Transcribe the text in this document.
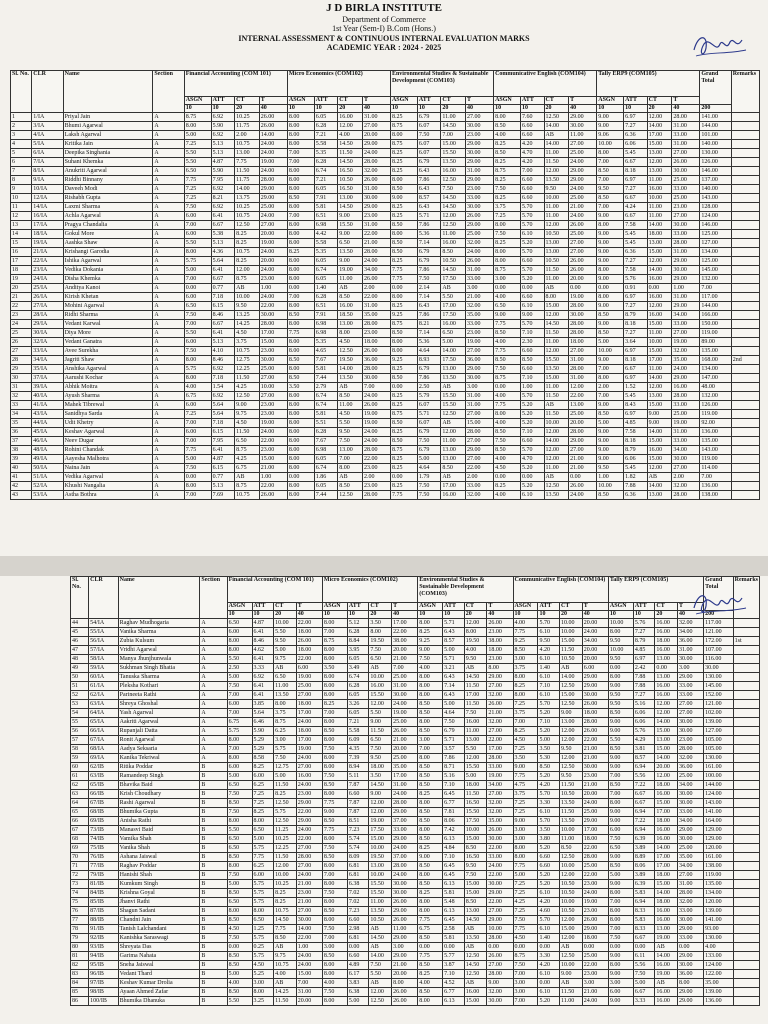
J D BIRLA INSTITUTE
Department of Commerce
1st Year (Sem-I) B.Com (Hons.)
INTERNAL ASSESSMENT & CONTINUOUS INTERNAL EVALUATION MARKS
ACADEMIC YEAR : 2024 - 2025
Sl. No.	CLR	Name	Section	Financial Accounting (COM 101)				Micro Economics (COM102)				Environmental Studies & Sustainable Development (COM103)				Communicative English (COM104)				Tally ERP9 (COM105)				Grand Total	Remarks
				ASGN	ATT	CT	T	ASGN	ATT	CT	T	ASGN	ATT	CT	T	ASGN	ATT	CT	T	ASGN	ATT	CT	T		
				10	10	20	40	10	10	20	40	10	10	20	40	10	10	20	40	10	10	20	40	200	
1	1/IA	Priyal Jain	A	8.75	6.92	10.25	26.00	8.00	6.05	16.00	31.00	8.25	6.79	11.00	27.00	8.00	7.60	12.50	29.00	9.00	6.97	12.00	28.00	141.00	
2	3/IA	Bhumi Agarwal	A	8.00	5.90	11.75	26.00	8.00	6.28	12.00	27.00	8.75	6.07	14.50	30.00	8.50	6.60	14.00	30.00	9.00	7.27	14.00	31.00	144.00	
3	4/IA	Laksh Agarwal	A	5.00	6.92	2.00	14.00	8.00	7.21	4.00	20.00	8.00	7.50	7.00	23.00	4.00	6.60	AB	11.00	9.06	6.36	17.00	33.00	101.00	
4	5/IA	Kritika Jain	A	7.25	5.13	10.75	24.00	8.00	5.58	14.50	29.00	8.75	6.07	15.00	29.00	8.25	4.20	14.00	27.00	10.00	6.06	15.00	31.00	140.00	
5	6/IA	Deepika Singhania	A	5.50	5.13	13.00	24.00	7.00	5.35	11.50	24.00	8.25	6.07	15.50	30.00	8.50	4.70	11.00	25.00	8.00	5.45	13.00	27.00	130.00	
6	7/IA	Suhani Khemka	A	5.50	4.87	7.75	19.00	7.00	6.28	14.50	28.00	8.25	6.79	13.50	29.00	8.25	4.20	11.50	24.00	7.00	6.67	12.00	26.00	126.00	
7	8/IA	Anukriti Agarwal	A	6.50	5.90	11.50	24.00	8.00	6.74	16.50	32.00	8.25	6.43	16.00	31.00	8.75	7.00	12.00	29.00	8.50	8.18	13.00	30.00	146.00	
8	9/IA	Riddhi Binnany	A	7.75	7.95	11.75	28.00	8.00	7.21	10.50	26.00	8.00	7.86	12.50	29.00	8.25	6.60	13.50	29.00	7.00	6.97	11.00	25.00	137.00	
9	10/IA	Daveeh Modi	A	7.25	6.92	14.00	29.00	8.00	6.05	16.50	31.00	8.50	6.43	7.50	23.00	7.50	6.60	9.50	24.00	9.50	7.27	16.00	33.00	140.00	
10	12/IA	Rishabh Gupta	A	7.25	8.21	13.75	29.00	8.50	7.91	13.00	30.00	9.00	8.57	14.50	33.00	8.25	6.60	10.00	25.00	8.50	6.67	10.00	25.00	143.00	
11	14/IA	Laxmi Sharma	A	7.50	6.92	10.25	25.00	8.00	5.81	14.50	29.00	8.25	6.43	14.50	30.00	3.75	5.70	11.00	21.00	7.00	4.24	11.00	23.00	128.00	
12	16/IA	Achla Agarwal	A	6.00	6.41	10.75	24.00	7.00	6.51	9.00	23.00	8.25	5.71	12.00	26.00	7.25	5.70	11.00	24.00	9.00	6.67	11.00	27.00	124.00	
13	17/IA	Pragya Chandalia	A	7.00	6.67	12.50	27.00	8.00	6.98	15.50	31.00	8.50	7.86	12.50	29.00	8.00	5.70	12.00	26.00	8.00	7.58	14.00	30.00	146.00	
14	18/IA	Gokul More	A	6.00	5.38	8.25	20.00	8.00	4.42	9.00	22.00	8.00	5.36	11.00	25.00	7.50	6.10	10.50	25.00	9.00	5.45	18.00	33.00	125.00	
15	19/IA	Aashka Shaw	A	5.50	5.13	8.25	19.00	8.00	5.58	6.50	21.00	8.50	7.14	16.00	32.00	8.25	5.20	13.00	27.00	9.00	5.45	13.00	28.00	127.00	
16	21/IA	Krishangi Garodia	A	8.00	4.36	10.75	24.00	8.25	5.35	13.50	28.00	8.50	6.79	8.50	24.00	8.00	5.70	13.00	27.00	9.00	6.36	15.00	31.00	134.00	
17	22/IA	Ishika Agarwal	A	5.75	5.64	8.25	20.00	8.00	6.05	9.00	24.00	8.25	6.79	10.50	26.00	8.00	6.60	10.50	26.00	9.00	7.27	12.00	29.00	125.00	
18	23/IA	Vedika Dokania	A	5.00	6.41	12.00	24.00	8.00	6.74	19.00	34.00	7.75	7.86	14.50	31.00	8.75	5.70	11.50	26.00	8.00	7.58	14.00	30.00	145.00	
19	24/IA	Disha Khemka	A	7.00	6.67	8.75	23.00	8.00	6.05	11.00	26.00	7.75	7.50	17.50	33.00	3.00	5.20	11.00	20.00	9.00	5.76	16.00	29.00	132.00	
20	25/IA	Anditya Kanoi	A	0.00	0.77	AB	1.00	0.00	1.40	AB	2.00	0.00	2.14	AB	3.00	0.00	0.00	AB	0.00	0.00	0.91	0.00	1.00	7.00	
21	26/IA	Kirish Khetan	A	6.00	7.18	10.00	24.00	7.00	6.28	8.50	22.00	8.00	7.14	5.50	21.00	4.00	6.60	8.00	19.00	8.00	6.97	16.00	31.00	117.00	
22	27/IA	Mohini Agarwal	A	6.50	6.15	9.50	22.00	8.00	6.51	16.00	31.00	8.25	6.43	17.00	32.00	6.50	6.10	15.00	28.00	9.00	7.27	12.00	29.00	144.00	
23	28/IA	Ridhi Sharma	A	7.50	8.46	13.25	30.00	8.50	7.91	18.50	35.00	9.25	7.86	17.50	35.00	9.00	9.00	12.00	30.00	8.50	8.79	16.00	34.00	166.00	
24	29/IA	Vedant Karwal	A	7.00	6.67	14.25	28.00	8.00	6.98	13.00	28.00	8.75	8.21	16.00	33.00	7.75	5.70	14.50	28.00	9.00	8.18	15.00	33.00	150.00	
25	30/IA	Diya More	A	5.50	6.41	4.50	17.00	7.75	6.98	8.00	23.00	8.50	7.14	6.50	23.00	8.50	7.10	11.50	28.00	8.50	7.27	11.00	27.00	119.00	
26	32/IA	Vedant Ganatra	A	6.00	5.13	3.75	15.00	8.00	5.35	4.50	18.00	8.00	5.36	5.00	19.00	4.00	2.30	11.00	18.00	5.00	3.64	10.00	19.00	89.00	
27	33/IA	Avee Surekha	A	7.50	4.10	10.75	23.00	8.00	4.65	12.50	26.00	8.00	4.64	14.00	27.00	7.75	6.60	12.00	27.00	10.00	6.97	15.00	32.00	135.00	
28	34/IA	Jagriti Shaw	A	8.00	8.46	12.75	30.00	8.50	7.67	19.50	36.00	9.25	8.93	17.50	36.00	8.50	8.50	15.50	31.00	9.00	8.18	17.00	35.00	168.00	2nd
29	35/IA	Anshika Agarwal	A	5.75	6.92	12.25	25.00	8.00	5.81	14.00	28.00	8.25	6.79	13.00	29.00	7.50	6.60	13.50	28.00	7.00	6.67	11.00	24.00	134.00	
30	37/IA	Aarushi Kochar	A	8.00	7.18	11.50	27.00	8.50	7.44	13.50	30.00	8.50	7.86	13.50	30.00	8.75	7.10	15.00	31.00	8.00	6.97	14.00	29.00	147.00	
31	39/IA	Abhik Moitra	A	4.00	1.54	4.25	10.00	3.50	2.79	AB	7.00	0.00	2.50	AB	3.00	0.00	1.00	11.00	12.00	2.00	1.52	12.00	16.00	48.00	
32	40/IA	Ayush Sharma	A	6.75	6.92	12.50	27.00	8.00	6.74	8.50	24.00	8.25	5.79	15.50	31.00	4.00	5.70	11.50	22.00	7.00	5.45	13.00	28.00	132.00	
33	41/IA	Mahek Tibrewal	A	6.00	5.64	9.00	23.00	8.00	6.74	11.00	26.00	8.25	6.07	15.50	31.00	7.75	5.20	AB	13.00	9.00	8.43	15.00	33.00	126.00	
34	43/IA	Sanidhya Sarda	A	7.25	5.64	9.75	23.00	8.00	5.81	4.50	19.00	8.75	5.71	12.50	27.00	8.00	5.20	11.50	25.00	8.50	6.97	9.00	25.00	119.00	
35	44/IA	Udit Khetry	A	7.00	7.18	4.50	19.00	8.00	5.51	5.50	19.00	8.50	6.07	AB	15.00	4.00	5.20	10.00	20.00	5.00	4.85	9.00	19.00	92.00	
36	45/IA	Keshav Agarwal	A	6.00	6.15	11.50	24.00	8.00	6.28	9.50	24.00	8.25	6.79	12.00	28.00	8.50	7.10	12.00	28.00	9.00	7.58	14.00	31.00	136.00	
37	46/IA	Neev Dugar	A	7.00	7.95	6.50	22.00	8.00	7.67	7.50	24.00	8.50	7.50	11.00	27.00	7.50	6.60	14.00	29.00	9.00	8.18	15.00	33.00	135.00	
38	48/IA	Rohini Chandak	A	7.75	6.41	8.75	23.00	8.00	6.98	13.00	28.00	8.75	6.79	13.00	29.00	8.50	5.70	12.00	27.00	9.00	8.79	16.00	34.00	143.00	
39	49/IA	Aayesha Malhotra	A	5.00	4.87	4.25	15.00	8.00	6.05	7.00	22.00	8.25	5.00	13.00	27.00	4.00	4.70	12.00	21.00	9.00	6.06	15.00	30.00	119.00	
40	50/IA	Naina Jain	A	7.50	6.15	6.75	21.00	8.00	6.74	8.00	23.00	8.25	4.64	8.50	22.00	4.50	5.20	11.00	21.00	9.50	5.45	12.00	27.00	114.00	
41	51/IA	Vedika Agarwal	A	0.00	0.77	AB	1.00	0.00	1.86	AB	2.00	0.00	1.79	AB	2.00	0.00	0.00	AB	0.00	1.00	1.82	AB	2.00	7.00	
42	52/IA	Khushi Nangalia	A	8.00	5.13	8.75	22.00	8.00	6.05	8.50	23.00	8.25	7.50	17.00	33.00	8.25	5.20	12.50	26.00	10.00	7.88	14.00	32.00	136.00	
43	53/IA	Astha Bothra	A	7.00	7.69	10.75	26.00	8.00	7.44	12.50	28.00	7.75	7.50	16.00	32.00	4.00	6.10	13.50	24.00	8.50	6.36	13.00	28.00	138.00	
Sl. No.	CLR	Name	Section	Financial Accounting (COM 101)				Micro Economics (COM102)				Environmental Studies & Sustainable Development (COM103)				Communicative English (COM104)				Tally ERP9 (COM105)				Grand Total	Remarks
				ASGN	ATT	CT	T	ASGN	ATT	CT	T	ASGN	ATT	CT	T	ASGN	ATT	CT	T	ASGN	ATT	CT	T		
				10	10	20	40	10	10	20	40	10	10	20	40	10	10	20	40	10	10	20	40	200	
44	54/IA	Raghav Mudhogaria	A	6.50	4.87	10.00	22.00	8.00	5.12	3.50	17.00	8.00	5.71	12.00	26.00	4.00	5.70	10.00	20.00	10.00	5.76	16.00	32.00	117.00	
45	55/IA	Vanika Sharma	A	6.00	6.41	5.50	18.00	7.00	6.28	8.00	22.00	8.25	6.43	8.00	23.00	7.75	6.10	10.00	24.00	8.00	7.27	16.00	34.00	121.00	
46	56/IA	Zubia Kulsum	A	8.00	8.46	9.50	26.00	8.75	8.84	19.50	38.00	9.25	8.57	19.50	38.00	9.25	9.50	15.00	34.00	9.50	8.79	18.00	36.00	172.00	1st
47	57/IA	Vridhi Agarwal	A	8.00	4.62	5.00	18.00	8.00	3.95	7.50	20.00	9.00	5.00	4.00	18.00	8.50	4.20	11.50	20.00	10.00	4.85	16.00	31.00	107.00	
48	58/IA	Manya Jhunjhunwala	A	5.50	6.41	9.75	22.00	8.00	6.05	6.50	21.00	7.50	5.71	9.50	23.00	3.00	6.10	10.50	20.00	9.50	6.97	13.00	30.00	116.00	
49	59/IA	Sukhman Singh Bhatia	A	2.50	3.33	AB	6.00	3.50	3.49	AB	7.00	4.00	3.21	AB	8.00	3.75	1.40	AB	6.00	0.00	2.42	0.00	3.00	30.00	
50	60/IA	Tanuska Sharma	A	5.00	6.92	6.50	19.00	8.00	6.74	10.00	25.00	8.00	6.43	14.50	29.00	8.00	6.10	14.00	29.00	8.00	7.88	13.00	29.00	130.00	
51	61/IA	Pleksha Kothari	A	7.50	6.41	11.00	25.00	8.00	6.28	16.00	31.00	8.00	7.14	11.50	27.00	8.25	7.10	12.50	29.00	9.00	7.88	16.00	33.00	145.00	
52	62/IA	Parineeta Rathi	A	7.00	6.41	13.50	27.00	8.00	6.05	15.50	30.00	8.00	6.43	17.00	32.00	8.00	6.10	15.00	30.00	9.50	7.27	16.00	33.00	152.00	
53	63/IA	Shreya Ghoshal	A	6.00	3.85	8.00	18.00	8.25	3.26	12.00	24.00	8.50	5.00	11.50	26.00	7.25	5.70	12.50	26.00	9.50	5.16	12.00	27.00	121.00	
54	64/IA	Yash Agarwal	A	7.00	5.64	3.75	17.00	7.00	6.05	5.50	19.00	8.50	4.64	7.50	21.00	3.75	5.20	9.00	18.00	8.50	6.06	12.00	27.00	102.00	
55	65/IA	Aakriti Agarwal	A	6.75	6.46	8.75	24.00	8.00	7.21	9.00	25.00	8.00	7.50	16.00	32.00	7.00	7.10	13.00	28.00	9.00	6.06	14.00	30.00	139.00	
56	66/IA	Rupanjali Datta	A	5.75	5.90	6.25	18.00	8.50	5.58	11.50	26.00	8.50	6.79	11.00	27.00	8.25	5.20	12.00	26.00	9.00	5.76	15.00	30.00	127.00	
57	67/IA	Ronit Agarwal	A	8.00	5.29	3.00	17.00	8.00	6.09	6.50	21.00	3.00	5.71	13.00	22.00	4.50	5.00	12.00	22.00	5.50	4.29	13.00	23.00	105.00	
58	68/IA	Aadya Seksaria	A	7.00	5.29	5.75	19.00	7.50	4.35	7.50	20.00	7.00	3.57	5.50	17.00	7.25	3.50	9.50	21.00	8.50	3.81	15.00	28.00	105.00	
59	69/IA	Kanika Tekriwal	A	8.00	8.58	7.50	24.00	8.00	7.39	9.50	25.00	8.00	7.86	12.00	28.00	3.50	5.30	12.00	21.00	9.00	8.57	14.00	32.00	130.00	
60	62/IB	Ritika Poddar	B	6.00	8.25	12.75	27.00	8.00	8.94	18.00	35.00	8.50	8.71	15.50	33.00	9.00	8.50	12.50	30.00	9.00	6.94	20.00	36.00	161.00	
61	63/IB	Ramandeep Singh	B	5.00	6.00	5.00	16.00	7.50	5.11	3.50	17.00	8.50	5.16	5.00	19.00	7.75	5.20	9.50	23.00	7.00	5.56	12.00	25.00	100.00	
62	65/IB	Bhavika Baid	B	6.50	6.25	11.50	24.00	8.50	7.87	14.50	31.00	8.50	7.10	18.00	34.00	4.75	4.20	11.50	21.00	8.50	7.22	18.00	34.00	144.00	
63	66/IB	Krish Choudhary	B	7.50	7.25	8.25	23.00	8.00	6.60	9.00	24.00	8.25	6.45	11.50	27.00	3.75	5.70	10.50	20.00	7.00	6.67	16.00	30.00	124.00	
64	67/IB	Rashi Agarwal	B	8.50	7.25	12.50	29.00	7.75	7.87	12.00	28.00	8.00	6.77	16.50	32.00	7.25	3.30	13.50	24.00	8.00	6.67	15.00	30.00	143.00	
65	68/IB	Bhumika Gupta	B	7.50	8.25	5.75	22.00	9.00	7.87	12.00	29.00	8.50	7.81	15.50	32.00	7.25	6.10	11.50	25.00	9.00	6.94	17.00	33.00	141.00	
66	69/IB	Anisha Rathi	B	8.00	8.00	12.50	29.00	8.50	8.51	19.00	37.00	8.50	8.06	17.50	35.00	9.00	5.70	13.50	29.00	9.00	7.22	18.00	34.00	164.00	
67	73/IB	Manasvi Baid	B	5.50	6.50	11.25	24.00	7.75	7.23	17.50	33.00	8.00	7.42	10.00	26.00	3.00	3.50	10.00	17.00	6.00	6.94	16.00	29.00	129.00	
68	74/IB	Vamika Shah	B	6.50	5.00	10.25	22.00	8.00	5.74	15.00	29.00	8.50	6.13	15.00	30.00	3.00	3.80	11.00	18.00	7.50	6.39	16.00	30.00	129.00	
69	75/IB	Vanika Shah	B	6.50	5.75	12.25	27.00	7.50	5.74	10.00	24.00	8.25	4.84	8.50	22.00	8.00	5.20	8.50	22.00	6.50	3.89	14.00	25.00	120.00	
70	76/IB	Ashana Jaiswal	B	8.50	7.75	11.50	28.00	8.50	8.09	19.50	37.00	9.00	7.10	16.50	33.00	8.00	6.60	12.50	28.00	9.00	8.89	17.00	35.00	161.00	
71	77/IB	Raghav Poddar	B	8.00	6.25	12.00	27.00	8.00	6.81	13.00	28.00	8.50	6.45	9.50	24.00	7.75	6.60	10.00	25.00	8.50	8.06	17.00	34.00	138.00	
72	79/IB	Hanishi Shah	B	7.50	6.00	10.00	24.00	7.00	6.81	10.00	24.00	8.00	6.45	7.50	22.00	5.00	5.20	12.00	22.00	5.00	3.89	18.00	27.00	119.00	
73	81/IB	Kumkum Singh	B	5.00	5.75	10.25	21.00	8.00	6.38	15.50	30.00	8.50	6.13	15.00	30.00	7.25	5.20	10.50	23.00	9.00	6.39	15.00	31.00	135.00	
74	84/IB	Krishna Goyal	B	8.50	5.75	8.25	23.00	7.50	7.02	15.50	30.00	8.25	5.81	15.00	29.00	7.25	6.10	10.50	24.00	8.00	5.83	14.00	28.00	134.00	
75	85/IB	Jhanvi Rathi	B	6.50	5.75	8.25	21.00	8.00	7.02	11.00	26.00	8.00	5.48	8.50	22.00	4.25	4.20	10.00	19.00	7.00	6.94	18.00	32.00	120.00	
76	87/IB	Shagun Sadani	B	8.00	8.00	10.75	27.00	8.50	7.23	13.50	29.00	8.00	6.13	13.00	27.00	7.25	4.60	10.50	23.00	8.00	8.33	16.00	33.00	139.00	
77	88/IB	Chandni Jain	B	8.50	6.50	14.50	30.00	8.00	6.60	10.50	26.00	7.75	6.45	14.50	29.00	7.50	5.70	12.00	26.00	8.00	5.83	16.00	30.00	141.00	
78	91/IB	Tanish Lalchandani	B	4.50	1.25	7.75	14.00	7.50	2.98	AB	11.00	6.75	2.58	AB	10.00	7.75	6.10	15.00	29.00	7.00	8.33	13.00	29.00	93.00	
79	92/IB	Kanishka Saraswagi	B	7.50	5.75	8.50	22.00	7.00	6.81	14.50	29.00	8.50	5.81	13.50	28.00	4.50	1.40	12.00	18.00	7.50	6.67	19.00	33.00	130.00	
80	93/IB	Shreyata Das	B	0.00	0.25	AB	1.00	3.00	0.00	AB	3.00	0.00	0.00	AB	0.00	0.00	0.00	AB	0.00	0.00	0.00	AB	0.00	4.00	
81	94/IB	Garima Nahata	B	8.50	5.75	9.75	24.00	8.50	6.60	14.00	29.00	7.75	5.77	12.50	26.00	8.75	3.30	12.50	25.00	9.00	6.11	14.00	29.00	133.00	
82	95/IB	Sneha Jaiswal	B	8.50	4.50	10.75	24.00	8.00	4.89	7.50	21.00	8.50	3.87	14.50	27.00	7.50	4.20	10.00	22.00	8.00	5.56	16.00	30.00	124.00	
83	96/IB	Vedant Thard	B	5.00	5.25	4.00	15.00	8.00	6.17	5.50	20.00	8.25	7.10	12.50	28.00	7.00	6.10	9.00	23.00	9.00	7.50	19.00	36.00	122.00	
84	97/IB	Keshav Kumar Drolia	B	4.00	3.00	AB	7.00	4.00	3.83	AB	8.00	4.00	4.52	AB	9.00	3.00	0.00	AB	3.00	3.00	5.00	AB	8.00	35.00	
85	98/IB	Ayaan Ahmed Zafar	B	8.50	8.00	14.25	31.00	7.50	6.38	12.00	26.00	8.50	6.77	16.00	32.00	3.00	6.10	11.50	21.00	6.00	6.67	16.00	29.00	139.00	
86	100/IB	Bhumika Dhanuka	B	5.50	3.25	11.50	20.00	8.00	5.00	12.50	26.00	8.00	6.13	15.00	30.00	7.00	5.20	11.00	24.00	9.00	3.33	16.00	29.00	136.00	
